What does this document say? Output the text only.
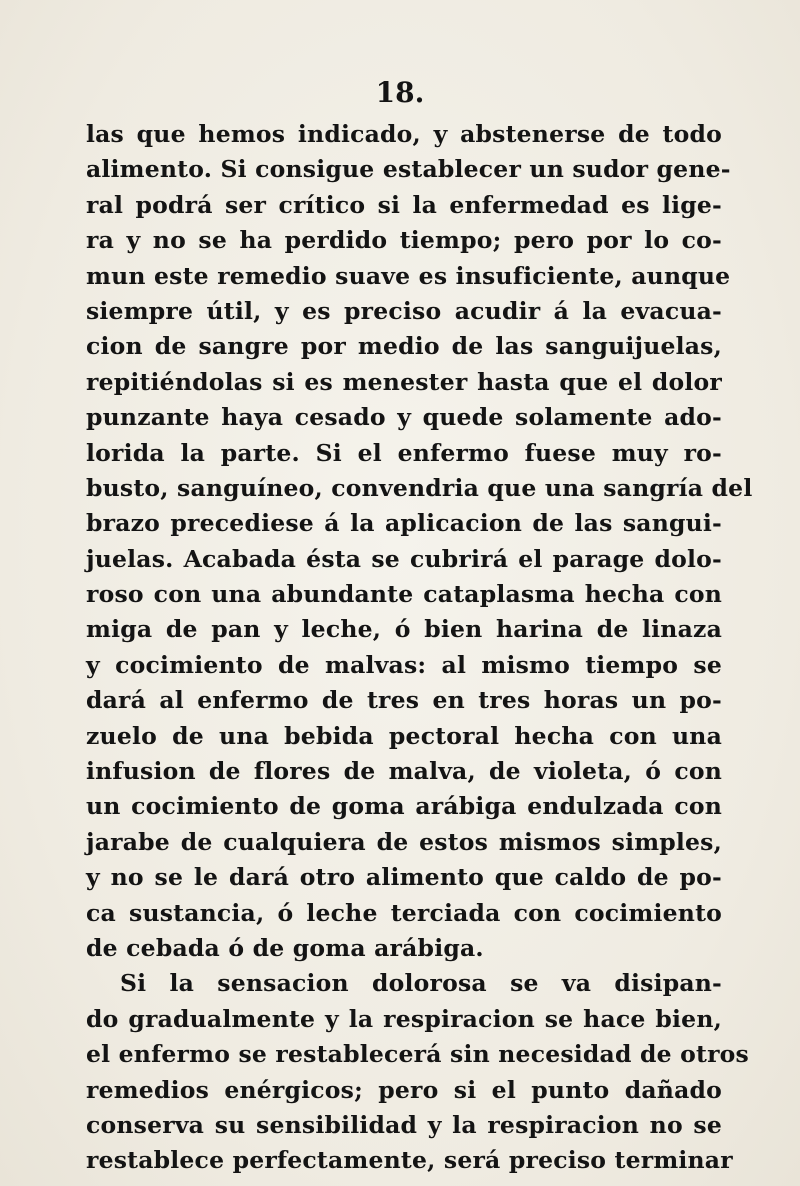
18.
las que hemos indicado, y abstenerse de todo
alimento. Si consigue establecer un sudor gene-
ral podrá ser crítico si la enfermedad es lige-
ra y no se ha perdido tiempo; pero por lo co-
mun este remedio suave es insuficiente, aunque
siempre útil, y es preciso acudir á la evacua-
cion de sangre por medio de las sanguijuelas,
repitiéndolas si es menester hasta que el dolor
punzante haya cesado y quede solamente ado-
lorida la parte. Si el enfermo fuese muy ro-
busto, sanguíneo, convendria que una sangría del
brazo precediese á la aplicacion de las sangui-
juelas. Acabada ésta se cubrirá el parage dolo-
roso con una abundante cataplasma hecha con
miga de pan y leche, ó bien harina de linaza
y cocimiento de malvas: al mismo tiempo se
dará al enfermo de tres en tres horas un po-
zuelo de una bebida pectoral hecha con una
infusion de flores de malva, de violeta, ó con
un cocimiento de goma arábiga endulzada con
jarabe de cualquiera de estos mismos simples,
y no se le dará otro alimento que caldo de po-
ca sustancia, ó leche terciada con cocimiento
de cebada ó de goma arábiga.
Si la sensacion dolorosa se va disipan-
do gradualmente y la respiracion se hace bien,
el enfermo se restablecerá sin necesidad de otros
remedios enérgicos; pero si el punto dañado
conserva su sensibilidad y la respiracion no se
restablece perfectamente, será preciso terminar
